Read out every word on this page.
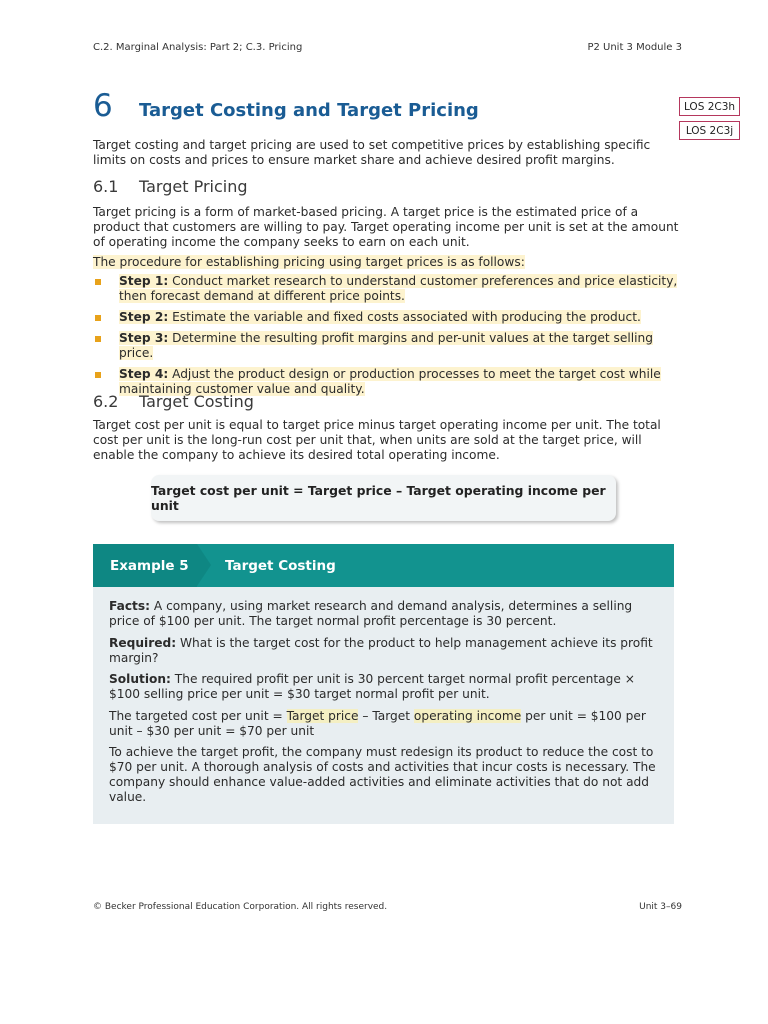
C.2. Marginal Analysis: Part 2; C.3. Pricing	P2 Unit 3 Module 3
6	Target Costing and Target Pricing	LOS 2C3h
LOS 2C3j
Target costing and target pricing are used to set competitive prices by establishing specific limits on costs and prices to ensure market share and achieve desired profit margins.
6.1 Target Pricing
Target pricing is a form of market-based pricing. A target price is the estimated price of a product that customers are willing to pay. Target operating income per unit is set at the amount of operating income the company seeks to earn on each unit.
The procedure for establishing pricing using target prices is as follows:
Step 1: Conduct market research to understand customer preferences and price elasticity, then forecast demand at different price points.
Step 2: Estimate the variable and fixed costs associated with producing the product.
Step 3: Determine the resulting profit margins and per-unit values at the target selling price.
Step 4: Adjust the product design or production processes to meet the target cost while maintaining customer value and quality.
6.2 Target Costing
Target cost per unit is equal to target price minus target operating income per unit. The total cost per unit is the long-run cost per unit that, when units are sold at the target price, will enable the company to achieve its desired total operating income.
Target cost per unit = Target price – Target operating income per unit
Example 5	Target Costing
Facts: A company, using market research and demand analysis, determines a selling price of $100 per unit. The target normal profit percentage is 30 percent.
Required: What is the target cost for the product to help management achieve its profit margin?
Solution: The required profit per unit is 30 percent target normal profit percentage × $100 selling price per unit = $30 target normal profit per unit.
The targeted cost per unit = Target price – Target operating income per unit = $100 per unit – $30 per unit = $70 per unit
To achieve the target profit, the company must redesign its product to reduce the cost to $70 per unit. A thorough analysis of costs and activities that incur costs is necessary. The company should enhance value-added activities and eliminate activities that do not add value.
© Becker Professional Education Corporation. All rights reserved.	Unit 3–69
